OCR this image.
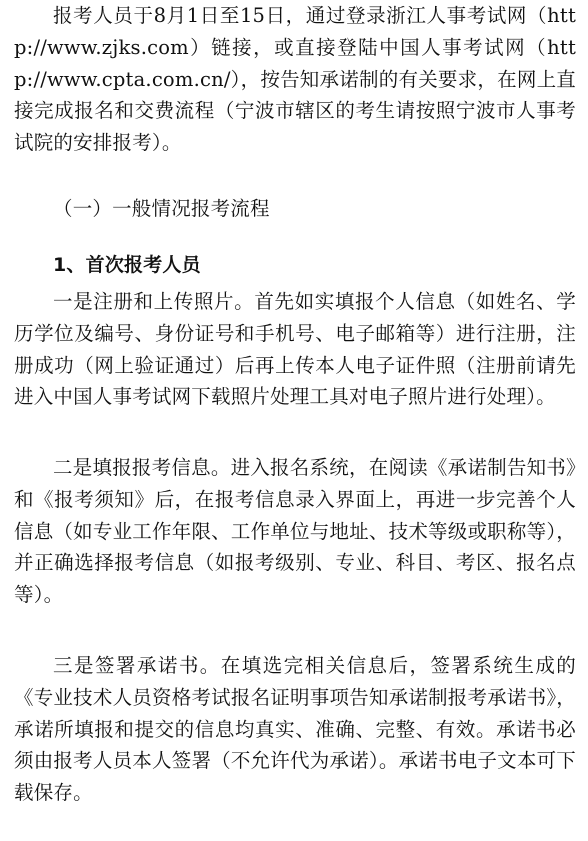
报考人员于8月1日至15日，通过登录浙江人事考试网（http://www.zjks.com）链接，或直接登陆中国人事考试网（http://www.cpta.com.cn/），按告知承诺制的有关要求，在网上直接完成报名和交费流程（宁波市辖区的考生请按照宁波市人事考试院的安排报考）。

（一）一般情况报考流程

1、首次报考人员

一是注册和上传照片。首先如实填报个人信息（如姓名、学历学位及编号、身份证号和手机号、电子邮箱等）进行注册，注册成功（网上验证通过）后再上传本人电子证件照（注册前请先进入中国人事考试网下载照片处理工具对电子照片进行处理）。

二是填报报考信息。进入报名系统，在阅读《承诺制告知书》和《报考须知》后，在报考信息录入界面上，再进一步完善个人信息（如专业工作年限、工作单位与地址、技术等级或职称等），并正确选择报考信息（如报考级别、专业、科目、考区、报名点等）。

三是签署承诺书。在填选完相关信息后，签署系统生成的《专业技术人员资格考试报名证明事项告知承诺制报考承诺书》，承诺所填报和提交的信息均真实、准确、完整、有效。承诺书必须由报考人员本人签署（不允许代为承诺）。承诺书电子文本可下载保存。
